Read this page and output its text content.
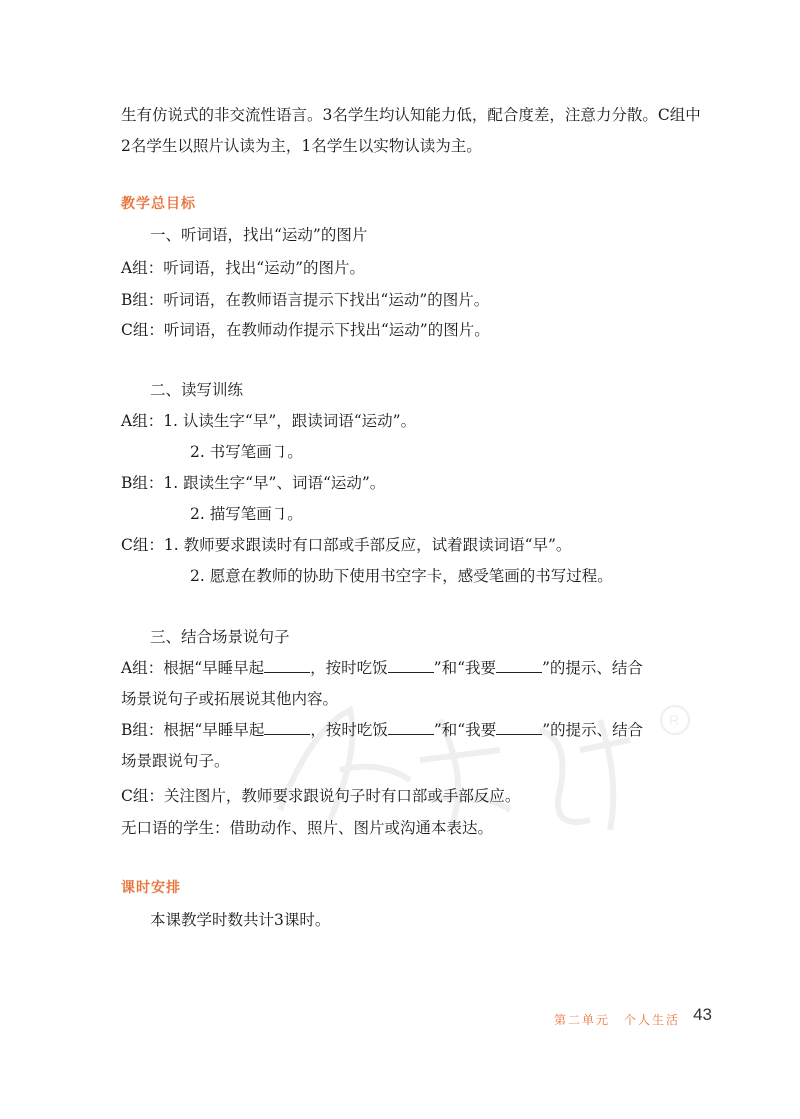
R

生有仿说式的非交流性语言。3名学生均认知能力低，配合度差，注意力分散。C组中

2名学生以照片认读为主，1名学生以实物认读为主。

教学总目标

一、听词语，找出“运动”的图片

A组：听词语，找出“运动”的图片。

B组：听词语，在教师语言提示下找出“运动”的图片。

C组：听词语，在教师动作提示下找出“运动”的图片。

二、读写训练

A组：1. 认读生字“早”，跟读词语“运动”。

2. 书写笔画㇆。

B组：1. 跟读生字“早”、词语“运动”。

2. 描写笔画㇆。

C组：1. 教师要求跟读时有口部或手部反应，试着跟读词语“早”。

2. 愿意在教师的协助下使用书空字卡，感受笔画的书写过程。

三、结合场景说句子

A组：根据“早睡早起	，按时吃饭	”和“我要	”的提示、结合

场景说句子或拓展说其他内容。

B组：根据“早睡早起	，按时吃饭	”和“我要	”的提示、结合

场景跟说句子。

C组：关注图片，教师要求跟说句子时有口部或手部反应。

无口语的学生：借助动作、照片、图片或沟通本表达。

课时安排

本课教学时数共计3课时。

第二单元　个人生活 43
